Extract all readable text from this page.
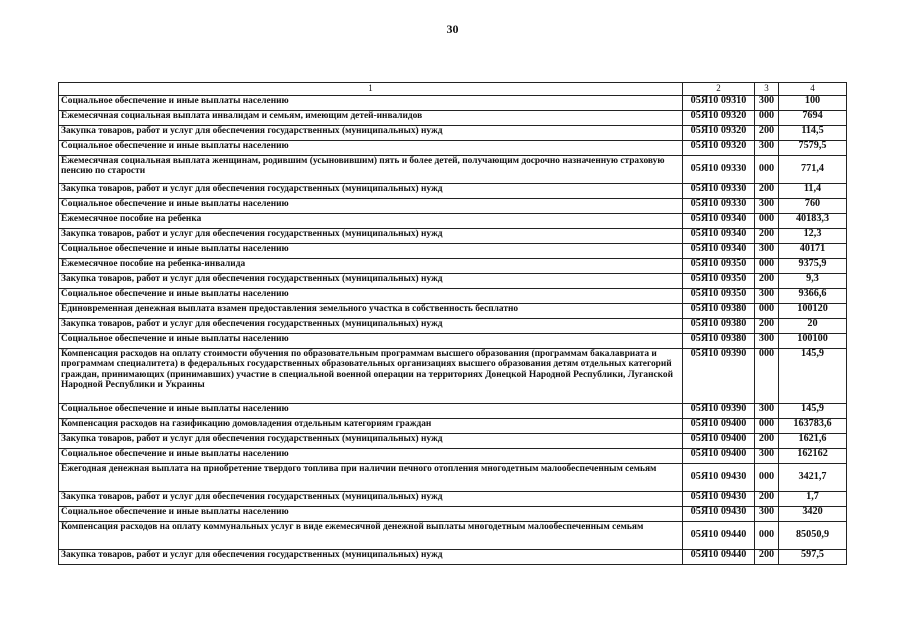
30
1	2	3	4
Социальное обеспечение и иные выплаты населению	05Я10 09310	300	100
Ежемесячная социальная выплата инвалидам и семьям, имеющим детей-инвалидов	05Я10 09320	000	7694
Закупка товаров, работ и услуг для обеспечения государственных (муниципальных) нужд	05Я10 09320	200	114,5
Социальное обеспечение и иные выплаты населению	05Я10 09320	300	7579,5
Ежемесячная социальная выплата женщинам, родившим (усыновившим) пять и более детей, получающим досрочно назначенную страховую пенсию по старости	05Я10 09330	000	771,4
Закупка товаров, работ и услуг для обеспечения государственных (муниципальных) нужд	05Я10 09330	200	11,4
Социальное обеспечение и иные выплаты населению	05Я10 09330	300	760
Ежемесячное пособие на ребенка	05Я10 09340	000	40183,3
Закупка товаров, работ и услуг для обеспечения государственных (муниципальных) нужд	05Я10 09340	200	12,3
Социальное обеспечение и иные выплаты населению	05Я10 09340	300	40171
Ежемесячное пособие на ребенка-инвалида	05Я10 09350	000	9375,9
Закупка товаров, работ и услуг для обеспечения государственных (муниципальных) нужд	05Я10 09350	200	9,3
Социальное обеспечение и иные выплаты населению	05Я10 09350	300	9366,6
Единовременная денежная выплата взамен предоставления земельного участка в собственность бесплатно	05Я10 09380	000	100120
Закупка товаров, работ и услуг для обеспечения государственных (муниципальных) нужд	05Я10 09380	200	20
Социальное обеспечение и иные выплаты населению	05Я10 09380	300	100100
Компенсация расходов на оплату стоимости обучения по образовательным программам высшего образования (программам бакалавриата и программам специалитета) в федеральных государственных образовательных организациях высшего образования детям отдельных категорий граждан, принимающих (принимавших) участие в специальной военной операции на территориях Донецкой Народной Республики, Луганской Народной Республики и Украины	05Я10 09390	000	145,9
Социальное обеспечение и иные выплаты населению	05Я10 09390	300	145,9
Компенсация расходов на газификацию домовладения отдельным категориям граждан	05Я10 09400	000	163783,6
Закупка товаров, работ и услуг для обеспечения государственных (муниципальных) нужд	05Я10 09400	200	1621,6
Социальное обеспечение и иные выплаты населению	05Я10 09400	300	162162
Ежегодная денежная выплата на приобретение твердого топлива при наличии печного отопления многодетным малообеспеченным семьям	05Я10 09430	000	3421,7
Закупка товаров, работ и услуг для обеспечения государственных (муниципальных) нужд	05Я10 09430	200	1,7
Социальное обеспечение и иные выплаты населению	05Я10 09430	300	3420
Компенсация расходов на оплату коммунальных услуг в виде ежемесячной денежной выплаты многодетным малообеспеченным семьям	05Я10 09440	000	85050,9
Закупка товаров, работ и услуг для обеспечения государственных (муниципальных) нужд	05Я10 09440	200	597,5
